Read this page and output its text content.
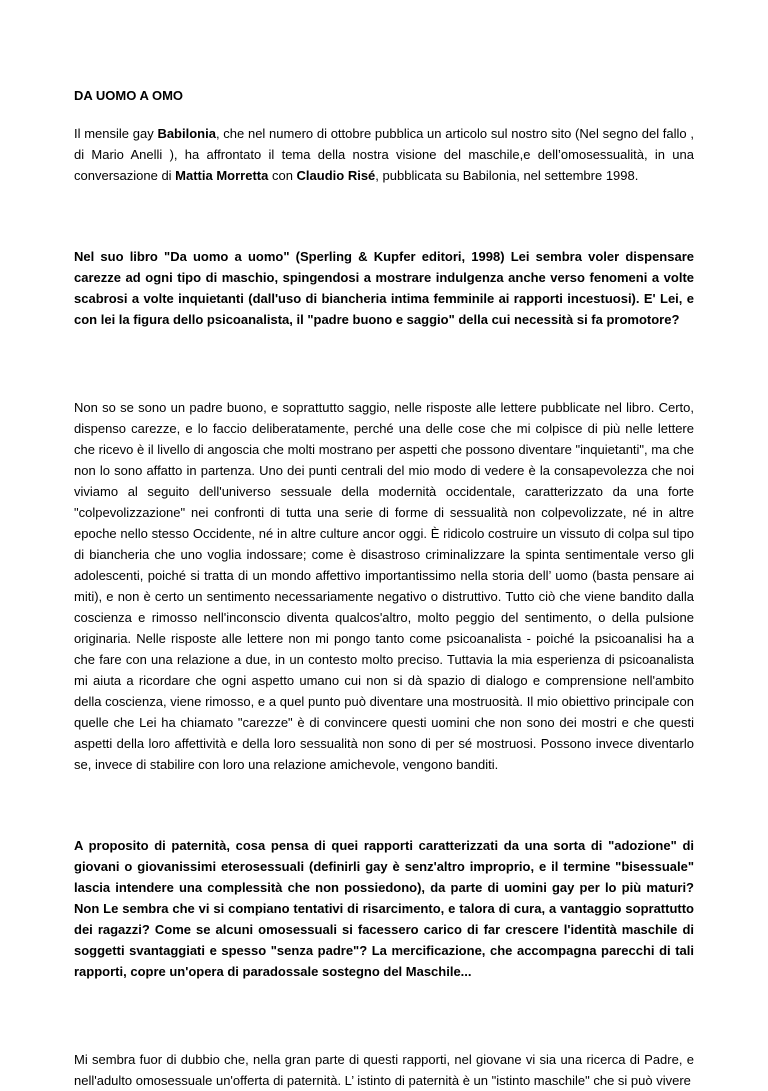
DA UOMO A OMO

Il mensile gay Babilonia, che nel numero di ottobre pubblica un articolo sul nostro sito (Nel segno del fallo , di Mario Anelli ), ha affrontato il tema della nostra visione del maschile,e dell’omosessualità, in una conversazione di Mattia Morretta con Claudio Risé, pubblicata su Babilonia, nel settembre 1998.

Nel suo libro "Da uomo a uomo" (Sperling & Kupfer editori, 1998) Lei sembra voler dispensare carezze ad ogni tipo di maschio, spingendosi a mostrare indulgenza anche verso fenomeni a volte scabrosi a volte inquietanti (dall'uso di biancheria intima femminile ai rapporti incestuosi). E' Lei, e con lei la figura dello psicoanalista, il "padre buono e saggio" della cui necessità si fa promotore?

Non so se sono un padre buono, e soprattutto saggio, nelle risposte alle lettere pubblicate nel libro. Certo, dispenso carezze, e lo faccio deliberatamente, perché una delle cose che mi colpisce di più nelle lettere che ricevo è il livello di angoscia che molti mostrano per aspetti che possono diventare "inquietanti", ma che non lo sono affatto in partenza. Uno dei punti centrali del mio modo di vedere è la consapevolezza che noi viviamo al seguito dell'universo sessuale della modernità occidentale, caratterizzato da una forte "colpevolizzazione" nei confronti di tutta una serie di forme di sessualità non colpevolizzate, né in altre epoche nello stesso Occidente, né in altre culture ancor oggi. È ridicolo costruire un vissuto di colpa sul tipo di biancheria che uno voglia indossare; come è disastroso criminalizzare la spinta sentimentale verso gli adolescenti, poiché si tratta di un mondo affettivo importantissimo nella storia dell’ uomo (basta pensare ai miti), e non è certo un sentimento necessariamente negativo o distruttivo. Tutto ciò che viene bandito dalla coscienza e rimosso nell'inconscio diventa qualcos'altro, molto peggio del sentimento, o della pulsione originaria. Nelle risposte alle lettere non mi pongo tanto come psicoanalista - poiché la psicoanalisi ha a che fare con una relazione a due, in un contesto molto preciso. Tuttavia la mia esperienza di psicoanalista mi aiuta a ricordare che ogni aspetto umano cui non si dà spazio di dialogo e comprensione nell'ambito della coscienza, viene rimosso, e a quel punto può diventare una mostruosità. Il mio obiettivo principale con quelle che Lei ha chiamato "carezze" è di convincere questi uomini che non sono dei mostri e che questi aspetti della loro affettività e della loro sessualità non sono di per sé mostruosi. Possono invece diventarlo se, invece di stabilire con loro una relazione amichevole, vengono banditi.

A proposito di paternità, cosa pensa di quei rapporti caratterizzati da una sorta di "adozione" di giovani o giovanissimi eterosessuali (definirli gay è senz'altro improprio, e il termine "bisessuale" lascia intendere una complessità che non possiedono), da parte di uomini gay per lo più maturi? Non Le sembra che vi si compiano tentativi di risarcimento, e talora di cura, a vantaggio soprattutto dei ragazzi? Come se alcuni omosessuali si facessero carico di far crescere l'identità maschile di soggetti svantaggiati e spesso "senza padre"? La mercificazione, che accompagna parecchi di tali rapporti, copre un'opera di paradossale sostegno del Maschile...

Mi sembra fuor di dubbio che, nella gran parte di questi rapporti, nel giovane vi sia una ricerca di Padre, e nell'adulto omosessuale un'offerta di paternità. L’ istinto di paternità è un "istinto maschile" che si può vivere
